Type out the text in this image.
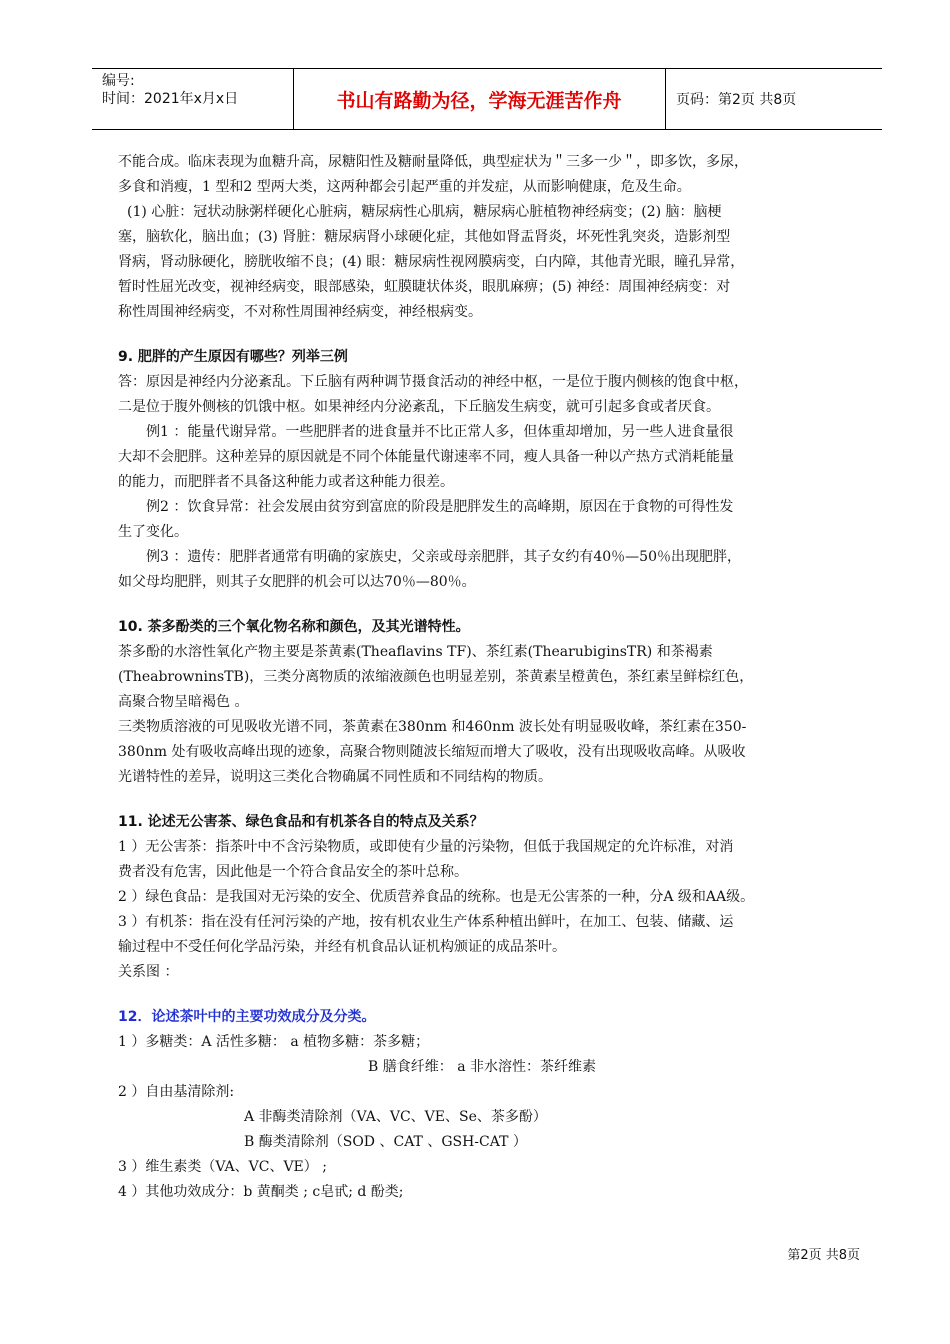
编号:
时间：2021年x月x日	书山有路勤为径，学海无涯苦作舟	页码：第2页 共8页

不能合成。临床表现为血糖升高，尿糖阳性及糖耐量降低，典型症状为＂三多一少＂，即多饮，多尿，

多食和消瘦，1 型和2 型两大类，这两种都会引起严重的并发症，从而影响健康，危及生命。

(1) 心脏：冠状动脉粥样硬化心脏病，糖尿病性心肌病，糖尿病心脏植物神经病变；(2) 脑：脑梗

塞，脑软化，脑出血；(3) 肾脏：糖尿病肾小球硬化症，其他如肾盂肾炎，坏死性乳突炎，造影剂型

肾病，肾动脉硬化，膀胱收缩不良；(4) 眼：糖尿病性视网膜病变，白内障，其他青光眼，瞳孔异常，

暂时性屈光改变，视神经病变，眼部感染，虹膜睫状体炎，眼肌麻痹；(5) 神经：周围神经病变：对

称性周围神经病变，不对称性周围神经病变，神经根病变。

9. 肥胖的产生原因有哪些？列举三例

答：原因是神经内分泌紊乱。下丘脑有两种调节摄食活动的神经中枢，一是位于腹内侧核的饱食中枢，

二是位于腹外侧核的饥饿中枢。如果神经内分泌紊乱，下丘脑发生病变，就可引起多食或者厌食。

例1 ：能量代谢异常。一些肥胖者的进食量并不比正常人多，但体重却增加，另一些人进食量很

大却不会肥胖。这种差异的原因就是不同个体能量代谢速率不同，瘦人具备一种以产热方式消耗能量

的能力，而肥胖者不具备这种能力或者这种能力很差。

例2 ：饮食异常：社会发展由贫穷到富庶的阶段是肥胖发生的高峰期，原因在于食物的可得性发

生了变化。

例3 ：遗传：肥胖者通常有明确的家族史，父亲或母亲肥胖，其子女约有40％—50％出现肥胖，

如父母均肥胖，则其子女肥胖的机会可以达70％—80％。

10. 茶多酚类的三个氧化物名称和颜色，及其光谱特性。

茶多酚的水溶性氧化产物主要是茶黄素(Theaflavins TF)、茶红素(ThearubiginsTR) 和茶褐素

(TheabrowninsTB)，三类分离物质的浓缩液颜色也明显差别，茶黄素呈橙黄色，茶红素呈鲜棕红色，

高聚合物呈暗褐色 。

三类物质溶液的可见吸收光谱不同，茶黄素在380nm 和460nm 波长处有明显吸收峰，茶红素在350-

380nm 处有吸收高峰出现的迹象，高聚合物则随波长缩短而增大了吸收，没有出现吸收高峰。从吸收

光谱特性的差异，说明这三类化合物确属不同性质和不同结构的物质。

11. 论述无公害茶、绿色食品和有机茶各自的特点及关系？

1 ）无公害茶：指茶叶中不含污染物质，或即使有少量的污染物，但低于我国规定的允许标准，对消

费者没有危害，因此他是一个符合食品安全的茶叶总称。

2 ）绿色食品：是我国对无污染的安全、优质营养食品的统称。也是无公害茶的一种，分A 级和AA级。

3 ）有机茶：指在没有任河污染的产地，按有机农业生产体系种植出鲜叶，在加工、包装、储藏、运

输过程中不受任何化学品污染，并经有机食品认证机构颁证的成品茶叶。

关系图 ：

12．论述茶叶中的主要功效成分及分类。

1 ）多糖类：A 活性多糖： a 植物多糖：茶多糖；

B 膳食纤维： a 非水溶性：茶纤维素

2 ）自由基清除剂:

A 非酶类清除剂（VA、VC、VE、Se、茶多酚）

B 酶类清除剂（SOD 、CAT 、GSH-CAT ）

3 ）维生素类（VA、VC、VE） ;

4 ）其他功效成分：b 黄酮类 ; c皂甙; d 酚类;

第2页 共8页
